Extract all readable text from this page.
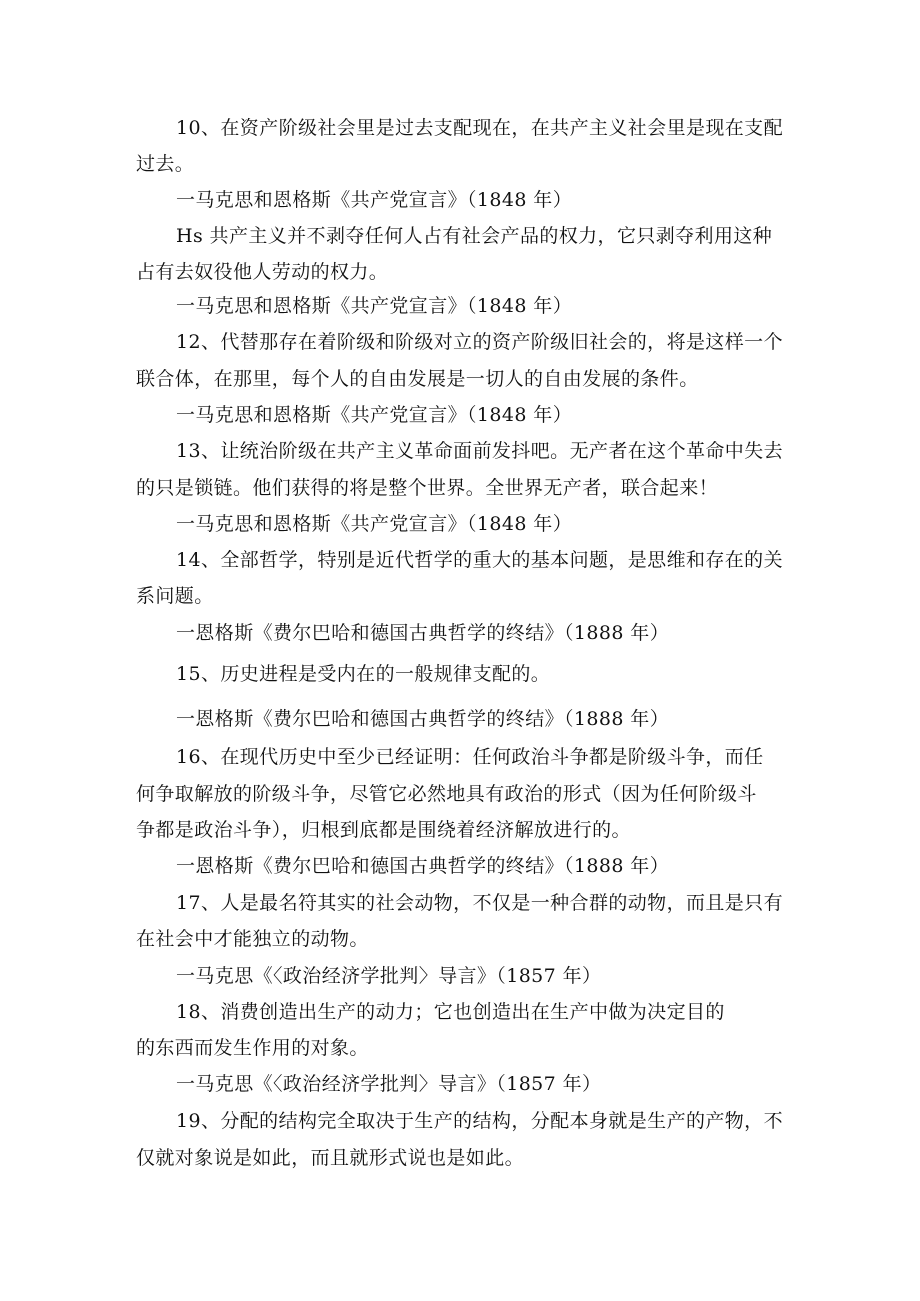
10、在资产阶级社会里是过去支配现在，在共产主义社会里是现在支配
过去。
一马克思和恩格斯《共产党宣言》（1848 年）
Hs 共产主义并不剥夺任何人占有社会产品的权力，它只剥夺利用这种
占有去奴役他人劳动的权力。
一马克思和恩格斯《共产党宣言》（1848 年）
12、代替那存在着阶级和阶级对立的资产阶级旧社会的，将是这样一个
联合体，在那里，每个人的自由发展是一切人的自由发展的条件。
一马克思和恩格斯《共产党宣言》（1848 年）
13、让统治阶级在共产主义革命面前发抖吧。无产者在这个革命中失去
的只是锁链。他们获得的将是整个世界。全世界无产者，联合起来！
一马克思和恩格斯《共产党宣言》（1848 年）
14、全部哲学，特别是近代哲学的重大的基本问题，是思维和存在的关
系问题。
一恩格斯《费尔巴哈和德国古典哲学的终结》（1888 年）
15、历史进程是受内在的一般规律支配的。
一恩格斯《费尔巴哈和德国古典哲学的终结》（1888 年）
16、在现代历史中至少已经证明：任何政治斗争都是阶级斗争，而任
何争取解放的阶级斗争，尽管它必然地具有政治的形式（因为任何阶级斗
争都是政治斗争），归根到底都是围绕着经济解放进行的。
一恩格斯《费尔巴哈和德国古典哲学的终结》（1888 年）
17、人是最名符其实的社会动物，不仅是一种合群的动物，而且是只有
在社会中才能独立的动物。
一马克思《〈政治经济学批判〉导言》（1857 年）
18、消费创造出生产的动力；它也创造出在生产中做为决定目的
的东西而发生作用的对象。
一马克思《〈政治经济学批判〉导言》（1857 年）
19、分配的结构完全取决于生产的结构，分配本身就是生产的产物，不
仅就对象说是如此，而且就形式说也是如此。
